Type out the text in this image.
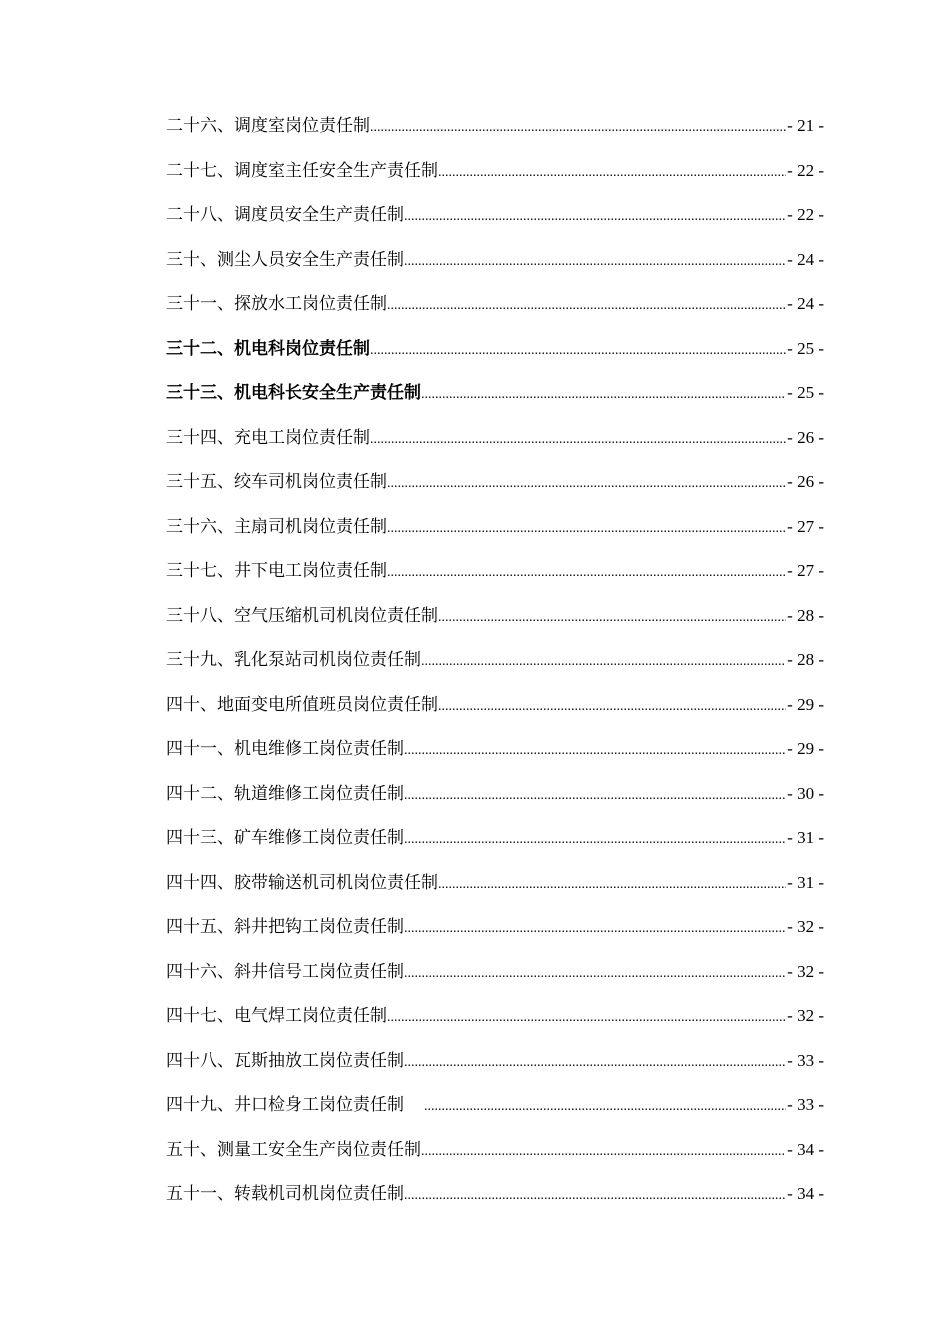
二十六、调度室岗位责任制 .....	- 21 -
二十七、调度室主任安全生产责任制 .....	- 22 -
二十八、调度员安全生产责任制 .....	- 22 -
三十、测尘人员安全生产责任制 .....	- 24 -
三十一、探放水工岗位责任制 .....	- 24 -
三十二、机电科岗位责任制 .....	- 25 -
三十三、机电科长安全生产责任制 .....	- 25 -
三十四、充电工岗位责任制 .....	- 26 -
三十五、绞车司机岗位责任制 .....	- 26 -
三十六、主扇司机岗位责任制 .....	- 27 -
三十七、井下电工岗位责任制 .....	- 27 -
三十八、空气压缩机司机岗位责任制 .....	- 28 -
三十九、乳化泵站司机岗位责任制 .....	- 28 -
四十、地面变电所值班员岗位责任制 .....	- 29 -
四十一、机电维修工岗位责任制 .....	- 29 -
四十二、轨道维修工岗位责任制 .....	- 30 -
四十三、矿车维修工岗位责任制 .....	- 31 -
四十四、胶带输送机司机岗位责任制 .....	- 31 -
四十五、斜井把钩工岗位责任制 .....	- 32 -
四十六、斜井信号工岗位责任制 .....	- 32 -
四十七、电气焊工岗位责任制 .....	- 32 -
四十八、瓦斯抽放工岗位责任制 .....	- 33 -
四十九、井口检身工岗位责任制 .....	- 33 -
五十、测量工安全生产岗位责任制 .....	- 34 -
五十一、转载机司机岗位责任制 .....	- 34 -
